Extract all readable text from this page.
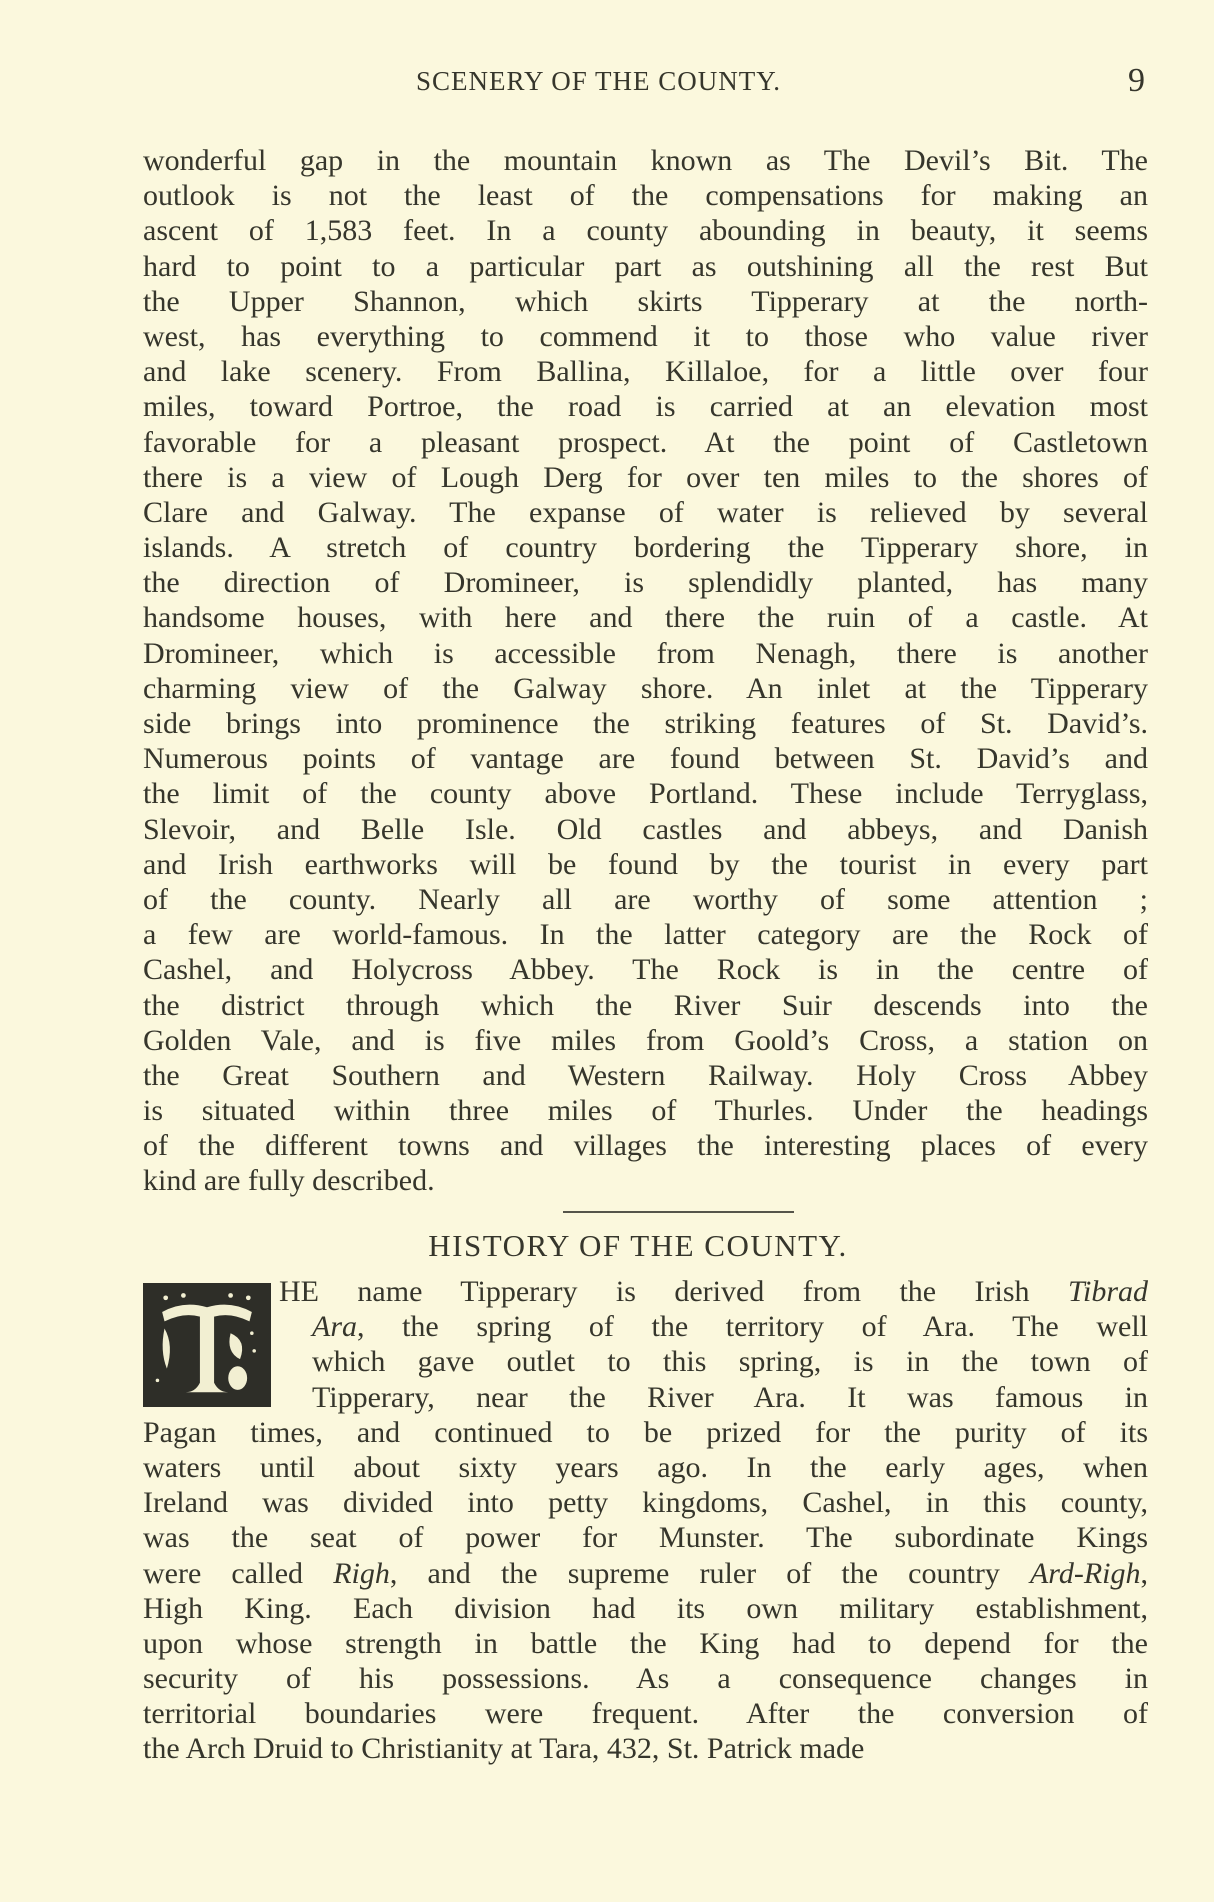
SCENERY OF THE COUNTY.	9
wonderful gap in the mountain known as The Devil’s Bit. The
outlook is not the least of the compensations for making an
ascent of 1,583 feet. In a county abounding in beauty, it seems
hard to point to a particular part as outshining all the rest But
the Upper Shannon, which skirts Tipperary at the north-
west, has everything to commend it to those who value river
and lake scenery. From Ballina, Killaloe, for a little over four
miles, toward Portroe, the road is carried at an elevation most
favorable for a pleasant prospect. At the point of Castletown
there is a view of Lough Derg for over ten miles to the shores of
Clare and Galway. The expanse of water is relieved by several
islands. A stretch of country bordering the Tipperary shore, in
the direction of Dromineer, is splendidly planted, has many
handsome houses, with here and there the ruin of a castle. At
Dromineer, which is accessible from Nenagh, there is another
charming view of the Galway shore. An inlet at the Tipperary
side brings into prominence the striking features of St. David’s.
Numerous points of vantage are found between St. David’s and
the limit of the county above Portland. These include Terryglass,
Slevoir, and Belle Isle. Old castles and abbeys, and Danish
and Irish earthworks will be found by the tourist in every part
of the county. Nearly all are worthy of some attention ;
a few are world-famous. In the latter category are the Rock of
Cashel, and Holycross Abbey. The Rock is in the centre of
the district through which the River Suir descends into the
Golden Vale, and is five miles from Goold’s Cross, a station on
the Great Southern and Western Railway. Holy Cross Abbey
is situated within three miles of Thurles. Under the headings
of the different towns and villages the interesting places of every
kind are fully described.
HISTORY OF THE COUNTY.
HE name Tipperary is derived from the Irish Tibrad
Ara, the spring of the territory of Ara. The well
which gave outlet to this spring, is in the town of
Tipperary, near the River Ara. It was famous in
Pagan times, and continued to be prized for the purity of its
waters until about sixty years ago. In the early ages, when
Ireland was divided into petty kingdoms, Cashel, in this county,
was the seat of power for Munster. The subordinate Kings
were called Righ, and the supreme ruler of the country Ard-Righ,
High King. Each division had its own military establishment,
upon whose strength in battle the King had to depend for the
security of his possessions. As a consequence changes in
territorial boundaries were frequent. After the conversion of
the Arch Druid to Christianity at Tara, 432, St. Patrick made
